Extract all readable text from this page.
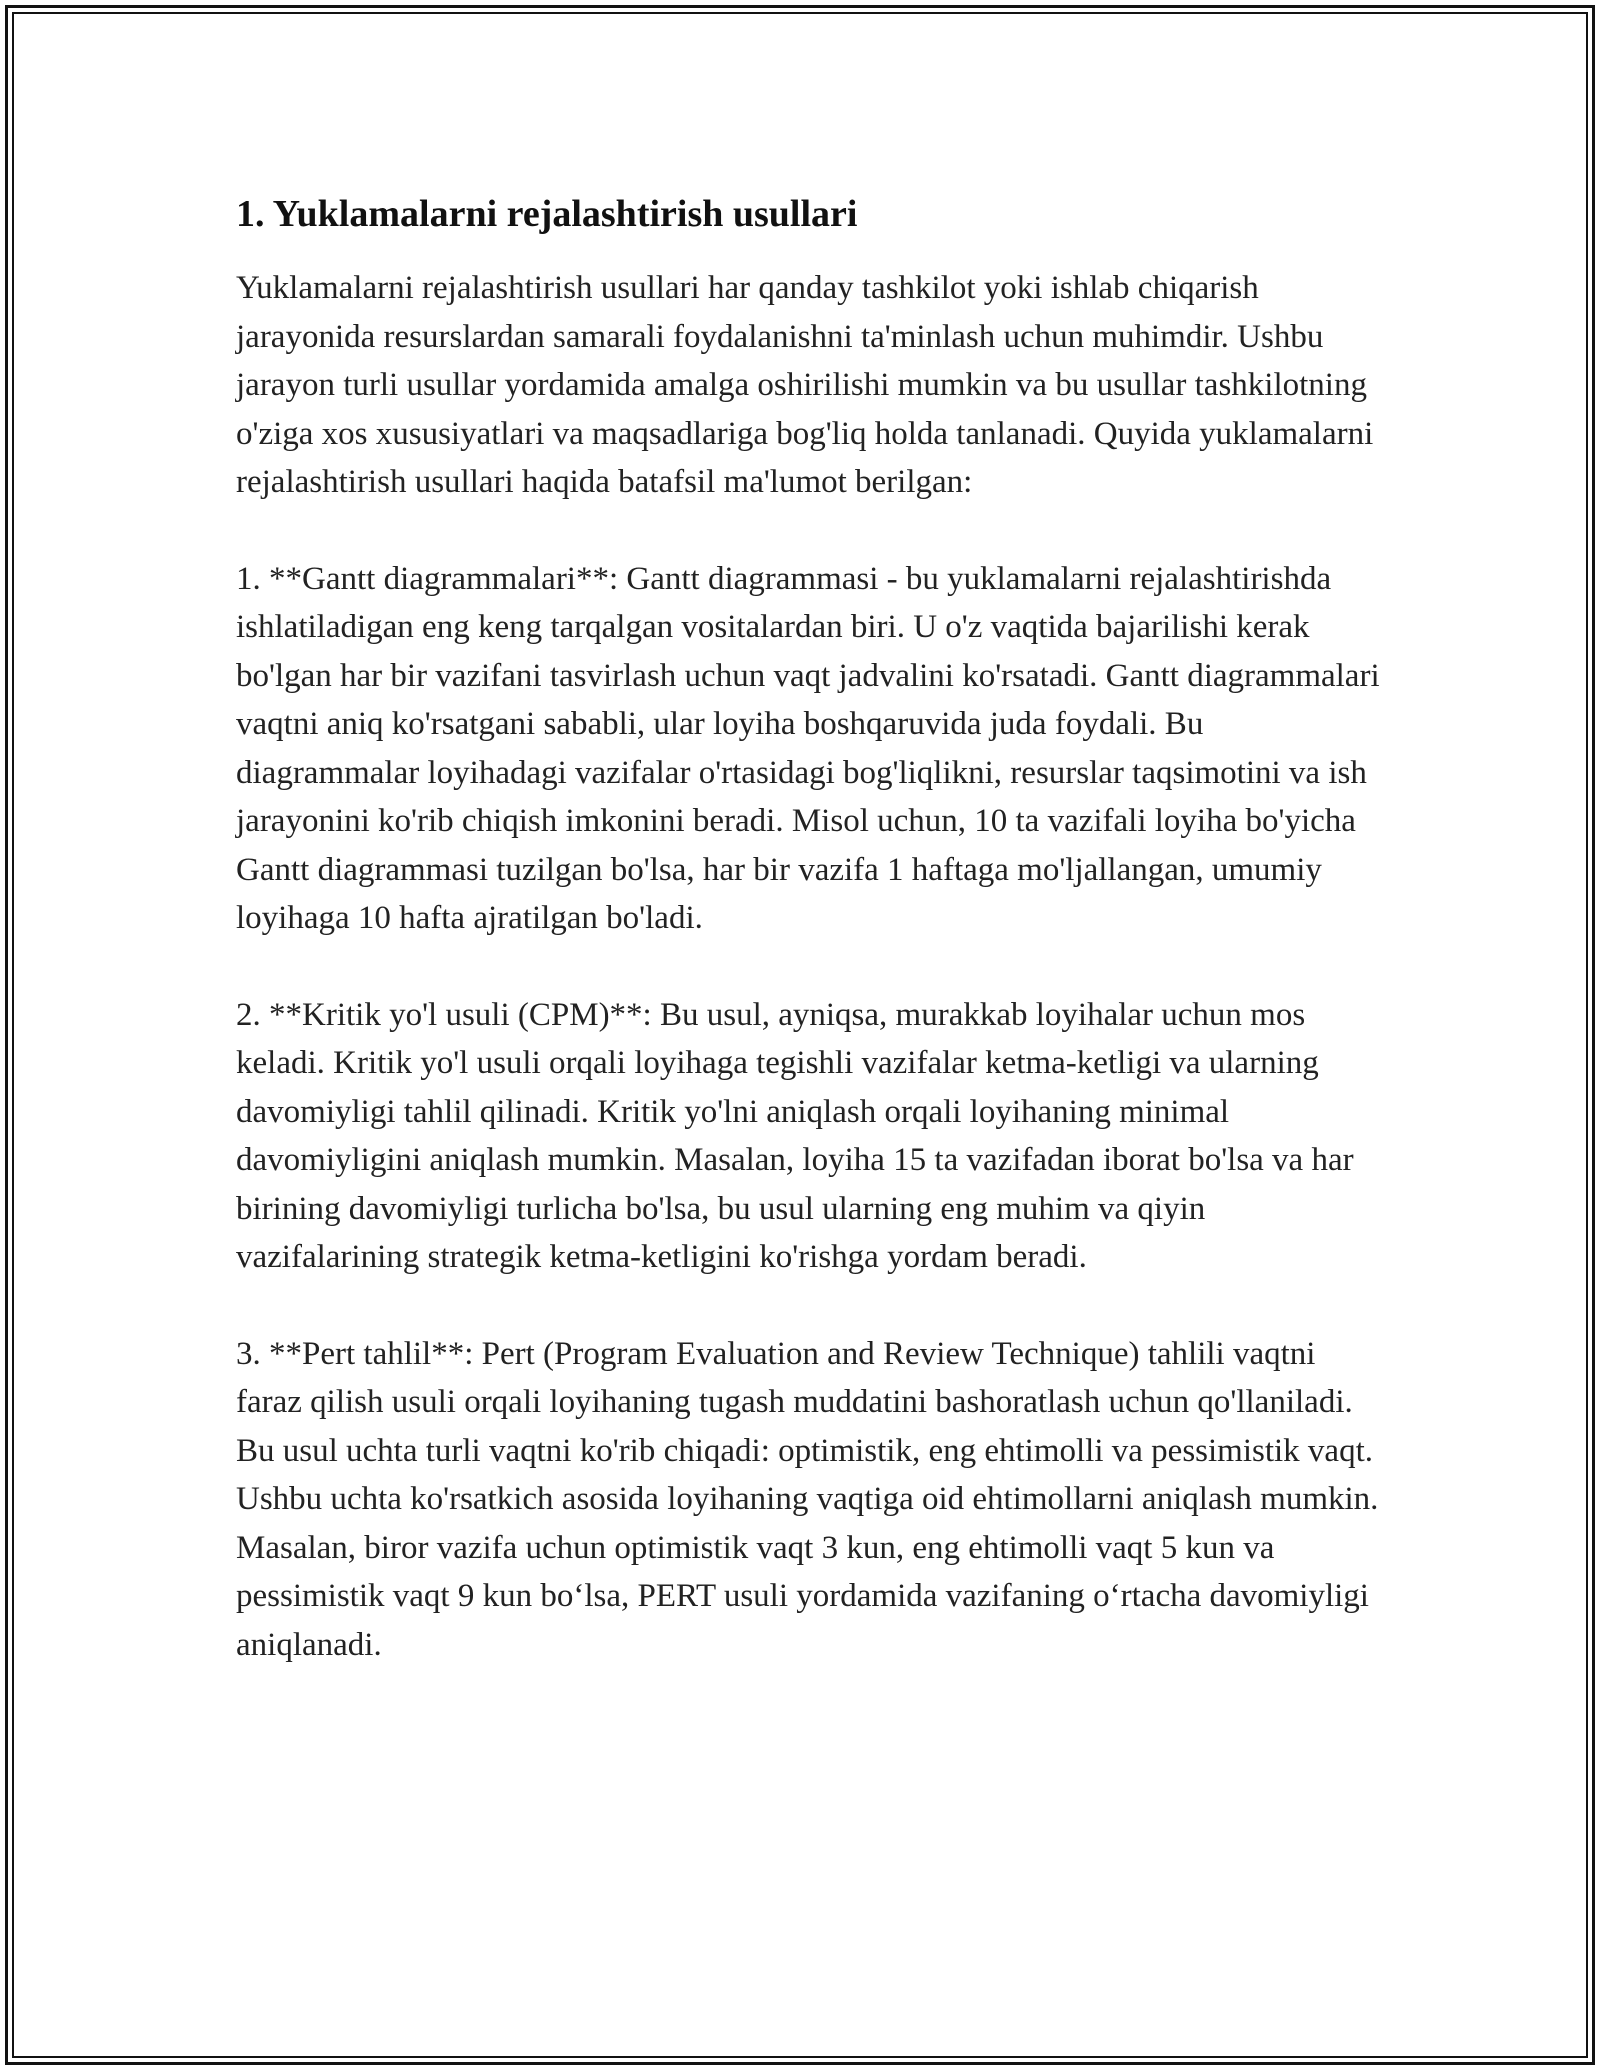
1. Yuklamalarni rejalashtirish usullari

Yuklamalarni rejalashtirish usullari har qanday tashkilot yoki ishlab chiqarish jarayonida resurslardan samarali foydalanishni ta'minlash uchun muhimdir. Ushbu jarayon turli usullar yordamida amalga oshirilishi mumkin va bu usullar tashkilotning o'ziga xos xususiyatlari va maqsadlariga bog'liq holda tanlanadi. Quyida yuklamalarni rejalashtirish usullari haqida batafsil ma'lumot berilgan:

1. **Gantt diagrammalari**: Gantt diagrammasi - bu yuklamalarni rejalashtirishda ishlatiladigan eng keng tarqalgan vositalardan biri. U o'z vaqtida bajarilishi kerak bo'lgan har bir vazifani tasvirlash uchun vaqt jadvalini ko'rsatadi. Gantt diagrammalari vaqtni aniq ko'rsatgani sababli, ular loyiha boshqaruvida juda foydali. Bu diagrammalar loyihadagi vazifalar o'rtasidagi bog'liqlikni, resurslar taqsimotini va ish jarayonini ko'rib chiqish imkonini beradi. Misol uchun, 10 ta vazifali loyiha bo'yicha Gantt diagrammasi tuzilgan bo'lsa, har bir vazifa 1 haftaga mo'ljallangan, umumiy loyihaga 10 hafta ajratilgan bo'ladi.

2. **Kritik yo'l usuli (CPM)**: Bu usul, ayniqsa, murakkab loyihalar uchun mos keladi. Kritik yo'l usuli orqali loyihaga tegishli vazifalar ketma-ketligi va ularning davomiyligi tahlil qilinadi. Kritik yo'lni aniqlash orqali loyihaning minimal davomiyligini aniqlash mumkin. Masalan, loyiha 15 ta vazifadan iborat bo'lsa va har birining davomiyligi turlicha bo'lsa, bu usul ularning eng muhim va qiyin vazifalarining strategik ketma-ketligini ko'rishga yordam beradi.

3. **Pert tahlil**: Pert (Program Evaluation and Review Technique) tahlili vaqtni faraz qilish usuli orqali loyihaning tugash muddatini bashoratlash uchun qo'llaniladi. Bu usul uchta turli vaqtni ko'rib chiqadi: optimistik, eng ehtimolli va pessimistik vaqt. Ushbu uchta ko'rsatkich asosida loyihaning vaqtiga oid ehtimollarni aniqlash mumkin. Masalan, biror vazifa uchun optimistik vaqt 3 kun, eng ehtimolli vaqt 5 kun va pessimistik vaqt 9 kun bo‘lsa, PERT usuli yordamida vazifaning o‘rtacha davomiyligi aniqlanadi.
